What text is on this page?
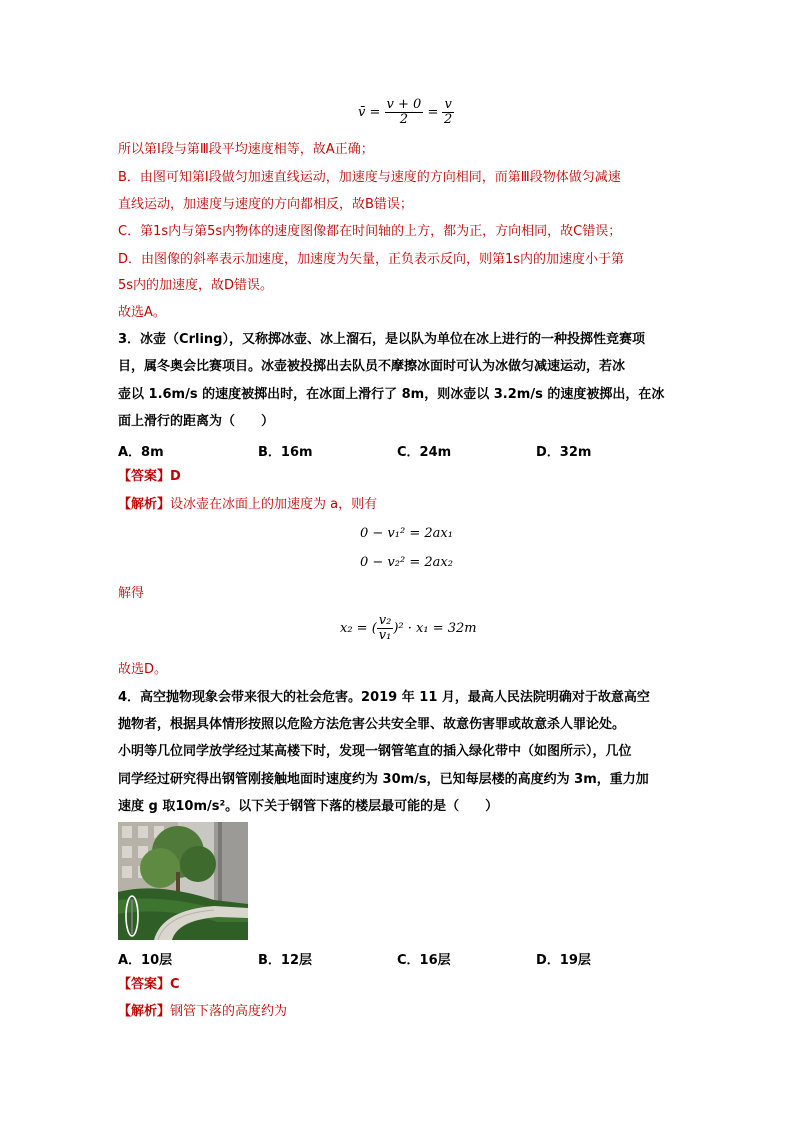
v̄ = $\frac{v + 0}{2} = \frac{v}{2}$
所以第Ⅰ段与第Ⅲ段平均速度相等，故A正确；
B．由图可知第Ⅰ段做匀加速直线运动，加速度与速度的方向相同，而第Ⅲ段物体做匀减速
直线运动，加速度与速度的方向都相反，故B错误；
C．第1s内与第5s内物体的速度图像都在时间轴的上方，都为正，方向相同，故C错误；
D．由图像的斜率表示加速度，加速度为矢量，正负表示反向，则第1s内的加速度小于第
5s内的加速度，故D错误。
故选A。
3．冰壶（Crling），又称掷冰壶、冰上溜石，是以队为单位在冰上进行的一种投掷性竞赛项
目，属冬奥会比赛项目。冰壶被投掷出去队员不摩擦冰面时可认为冰做匀减速运动，若冰
壶以 1.6m/s 的速度被掷出时，在冰面上滑行了 8m，则冰壶以 3.2m/s 的速度被掷出，在冰
面上滑行的距离为（　　）
A．8m	B．16m	C．24m	D．32m
【答案】D
【解析】设冰壶在冰面上的加速度为 a，则有
0 − v₁² = 2ax₁
0 − v₂² = 2ax₂
解得
x₂ = ( $\frac{\text{v₂}}{\text{v₁}} )^2 \cdot x_1 = 32m$
故选D。
4．高空抛物现象会带来很大的社会危害。2019 年 11 月，最高人民法院明确对于故意高空
抛物者，根据具体情形按照以危险方法危害公共安全罪、故意伤害罪或故意杀人罪论处。
小明等几位同学放学经过某高楼下时，发现一钢管笔直的插入绿化带中（如图所示），几位
同学经过研究得出钢管刚接触地面时速度约为 30m/s，已知每层楼的高度约为 3m，重力加
速度 g 取10m/s²。以下关于钢管下落的楼层最可能的是（　　）
A．10层	B．12层	C．16层	D．19层
【答案】C
【解析】钢管下落的高度约为
